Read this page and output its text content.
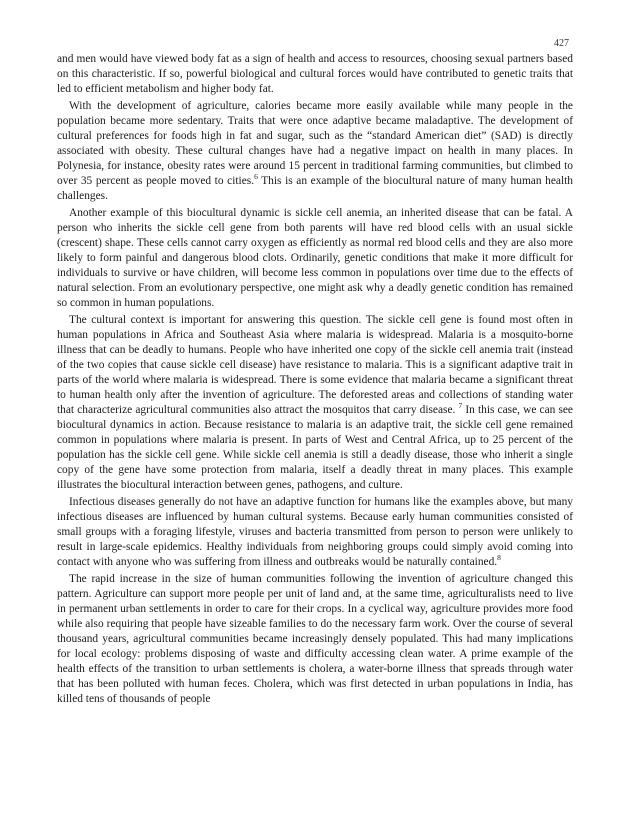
427

and men would have viewed body fat as a sign of health and access to resources, choosing sexual partners based on this characteristic. If so, powerful biological and cultural forces would have contributed to genetic traits that led to efficient metabolism and higher body fat.

With the development of agriculture, calories became more easily available while many people in the population became more sedentary. Traits that were once adaptive became maladaptive. The development of cultural preferences for foods high in fat and sugar, such as the “standard American diet” (SAD) is directly associated with obesity. These cultural changes have had a negative impact on health in many places. In Polynesia, for instance, obesity rates were around 15 percent in traditional farming communities, but climbed to over 35 percent as people moved to cities.$^6$ This is an example of the biocultural nature of many human health challenges.

Another example of this biocultural dynamic is sickle cell anemia, an inherited disease that can be fatal. A person who inherits the sickle cell gene from both parents will have red blood cells with an usual sickle (crescent) shape. These cells cannot carry oxygen as efficiently as normal red blood cells and they are also more likely to form painful and dangerous blood clots. Ordinarily, genetic conditions that make it more difficult for individuals to survive or have children, will become less common in populations over time due to the effects of natural selection. From an evolutionary perspective, one might ask why a deadly genetic condition has remained so common in human populations.

The cultural context is important for answering this question. The sickle cell gene is found most often in human populations in Africa and Southeast Asia where malaria is widespread. Malaria is a mosquito-borne illness that can be deadly to humans. People who have inherited one copy of the sickle cell anemia trait (instead of the two copies that cause sickle cell disease) have resistance to malaria. This is a significant adaptive trait in parts of the world where malaria is widespread. There is some evidence that malaria became a significant threat to human health only after the invention of agriculture. The deforested areas and collections of standing water that characterize agricultural communities also attract the mosquitos that carry disease. $^7$ In this case, we can see biocultural dynamics in action. Because resistance to malaria is an adaptive trait, the sickle cell gene remained common in populations where malaria is present. In parts of West and Central Africa, up to 25 percent of the population has the sickle cell gene. While sickle cell anemia is still a deadly disease, those who inherit a single copy of the gene have some protection from malaria, itself a deadly threat in many places. This example illustrates the biocultural interaction between genes, pathogens, and culture.

Infectious diseases generally do not have an adaptive function for humans like the examples above, but many infectious diseases are influenced by human cultural systems. Because early human communities consisted of small groups with a foraging lifestyle, viruses and bacteria transmitted from person to person were unlikely to result in large-scale epidemics. Healthy individuals from neighboring groups could simply avoid coming into contact with anyone who was suffering from illness and outbreaks would be naturally contained.$^8$

The rapid increase in the size of human communities following the invention of agriculture changed this pattern. Agriculture can support more people per unit of land and, at the same time, agriculturalists need to live in permanent urban settlements in order to care for their crops. In a cyclical way, agriculture provides more food while also requiring that people have sizeable families to do the necessary farm work. Over the course of several thousand years, agricultural communities became increasingly densely populated. This had many implications for local ecology: problems disposing of waste and difficulty accessing clean water. A prime example of the health effects of the transition to urban settlements is cholera, a water-borne illness that spreads through water that has been polluted with human feces. Cholera, which was first detected in urban populations in India, has killed tens of thousands of people
